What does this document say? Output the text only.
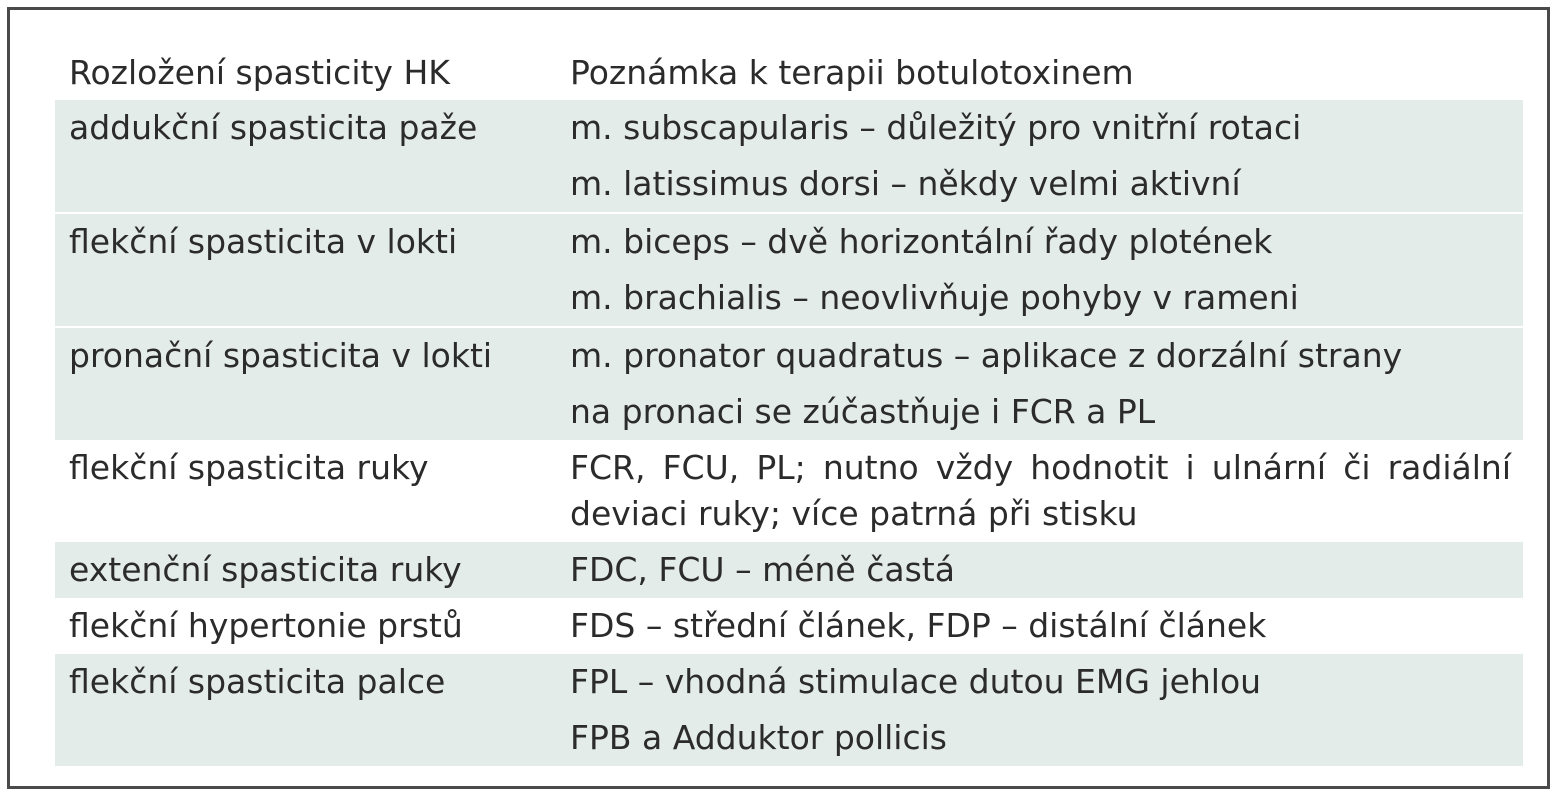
Rozložení spasticity HK	Poznámka k terapii botulotoxinem
addukční spasticita paže	m. subscapularis – důležitý pro vnitřní rotaci
m. latissimus dorsi – někdy velmi aktivní
flekční spasticita v lokti	m. biceps – dvě horizontální řady plotének
m. brachialis – neovlivňuje pohyby v rameni
pronační spasticita v lokti	m. pronator quadratus – aplikace z dorzální strany
na pronaci se zúčastňuje i FCR a PL
flekční spasticita ruky	FCR, FCU, PL; nutno vždy hodnotit i ulnární či radiální deviaci ruky; více patrná při stisku
extenční spasticita ruky	FDC, FCU – méně častá
flekční hypertonie prstů	FDS – střední článek, FDP – distální článek
flekční spasticita palce	FPL – vhodná stimulace dutou EMG jehlou
FPB a Adduktor pollicis
